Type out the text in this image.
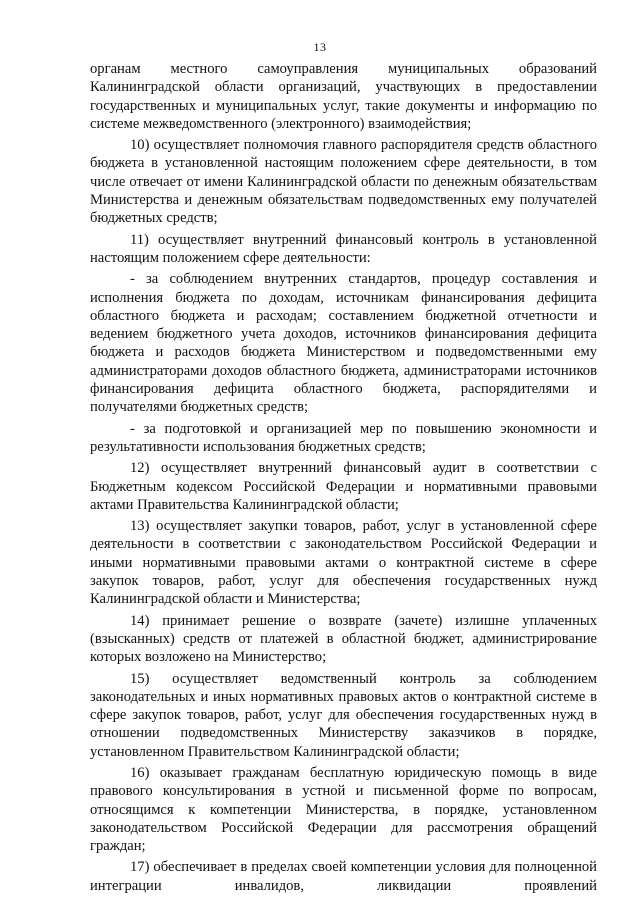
13

органам местного самоуправления муниципальных образований Калининградской области организаций, участвующих в предоставлении государственных и муниципальных услуг, такие документы и информацию по системе межведомственного (электронного) взаимодействия;

10) осуществляет полномочия главного распорядителя средств областного бюджета в установленной настоящим положением сфере деятельности, в том числе отвечает от имени Калининградской области по денежным обязательствам Министерства и денежным обязательствам подведомственных ему получателей бюджетных средств;

11) осуществляет внутренний финансовый контроль в установленной настоящим положением сфере деятельности:

- за соблюдением внутренних стандартов, процедур составления и исполнения бюджета по доходам, источникам финансирования дефицита областного бюджета и расходам; составлением бюджетной отчетности и ведением бюджетного учета доходов, источников финансирования дефицита бюджета и расходов бюджета Министерством и подведомственными ему администраторами доходов областного бюджета, администраторами источников финансирования дефицита областного бюджета, распорядителями и получателями бюджетных средств;

- за подготовкой и организацией мер по повышению экономности и результативности использования бюджетных средств;

12) осуществляет внутренний финансовый аудит в соответствии с Бюджетным кодексом Российской Федерации и нормативными правовыми актами Правительства Калининградской области;

13) осуществляет закупки товаров, работ, услуг в установленной сфере деятельности в соответствии с законодательством Российской Федерации и иными нормативными правовыми актами о контрактной системе в сфере закупок товаров, работ, услуг для обеспечения государственных нужд Калининградской области и Министерства;

14) принимает решение о возврате (зачете) излишне уплаченных (взысканных) средств от платежей в областной бюджет, администрирование которых возложено на Министерство;

15) осуществляет ведомственный контроль за соблюдением законодательных и иных нормативных правовых актов о контрактной системе в сфере закупок товаров, работ, услуг для обеспечения государственных нужд в отношении подведомственных Министерству заказчиков в порядке, установленном Правительством Калининградской области;

16) оказывает гражданам бесплатную юридическую помощь в виде правового консультирования в устной и письменной форме по вопросам, относящимся к компетенции Министерства, в порядке, установленном законодательством Российской Федерации для рассмотрения обращений граждан;

17) обеспечивает в пределах своей компетенции условия для полноценной интеграции инвалидов, ликвидации проявлений
